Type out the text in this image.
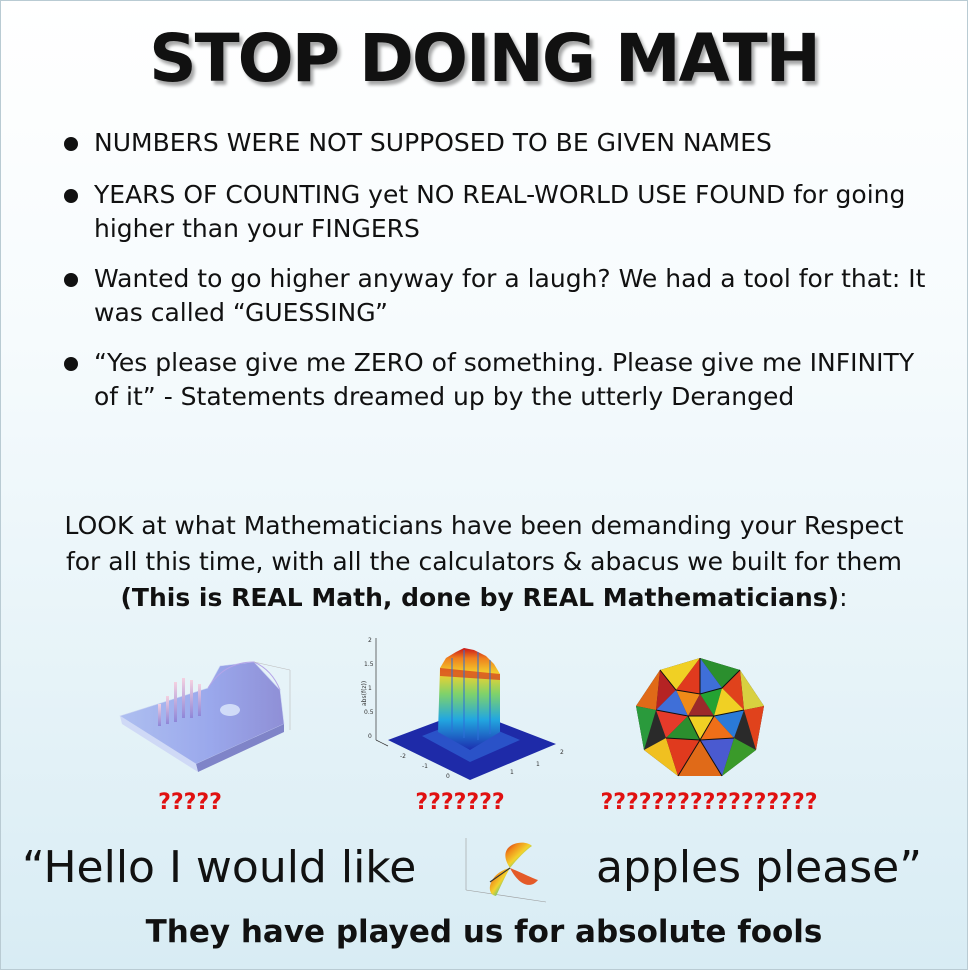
STOP DOING MATH
NUMBERS WERE NOT SUPPOSED TO BE GIVEN NAMES
YEARS OF COUNTING yet NO REAL-WORLD USE FOUND for going higher than your FINGERS
Wanted to go higher anyway for a laugh? We had a tool for that: It was called “GUESSING”
“Yes please give me ZERO of something. Please give me INFINITY of it” - Statements dreamed up by the utterly Deranged
LOOK at what Mathematicians have been demanding your Respect
for all this time, with all the calculators & abacus we built for them
(This is REAL Math, done by REAL Mathematicians):
?????
abs(f(z))
2
1.5
1
0.5
0
-2
-1
0
1
2
1
???????	?????????????????
“Hello I would like	apples please”
They have played us for absolute fools
